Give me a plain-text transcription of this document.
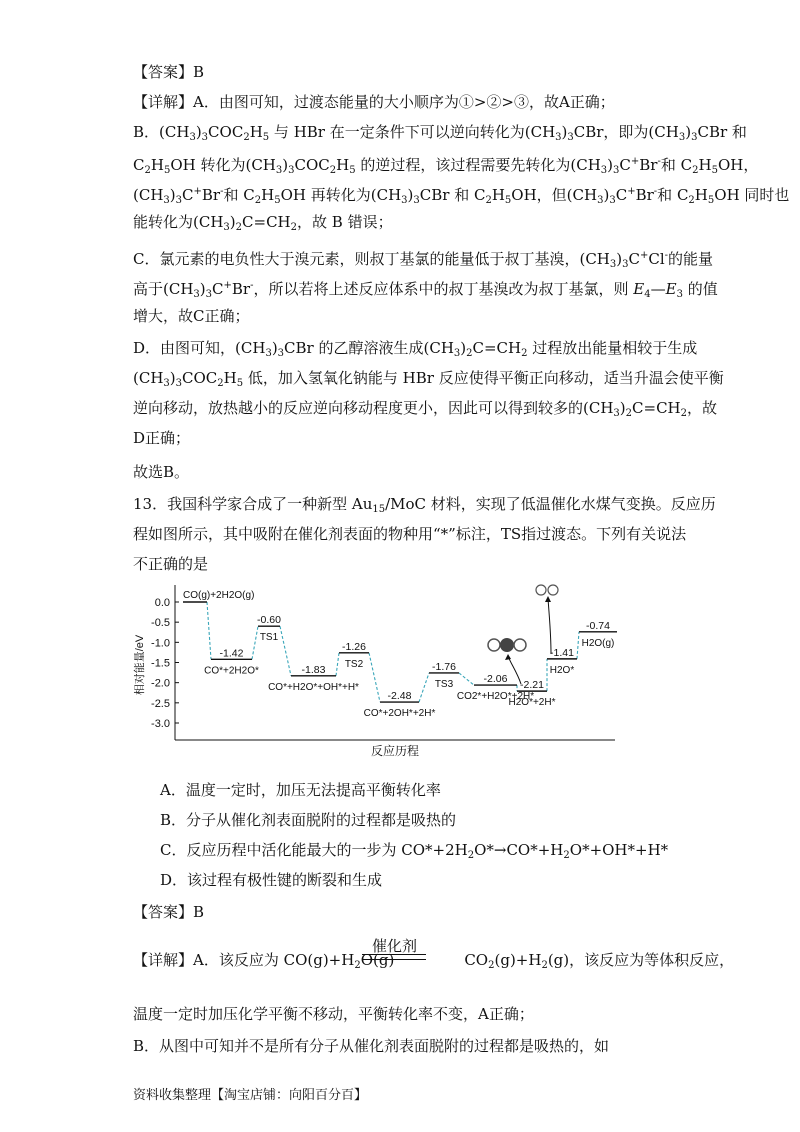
【答案】B
【详解】A．由图可知，过渡态能量的大小顺序为①>②>③，故A正确；
B．$(CH_3)_3COC_2H_5$ 与 HBr 在一定条件下可以逆向转化为$(CH_3)_3CBr$，即为$(CH_3)_3CBr$ 和
$C_2H_5OH$ 转化为$(CH_3)_3COC_2H_5$ 的逆过程，该过程需要先转化为$(CH_3)_3C^+Br^-$和 $C_2H_5OH$，
$(CH_3)_3C^+Br^-$和 $C_2H_5OH$ 再转化为$(CH_3)_3CBr$ 和 $C_2H_5OH$，但$(CH_3)_3C^+Br^-$和 $C_2H_5OH$ 同时也
能转化为$(CH_3)_2C=CH_2$，故 B 错误；
C．氯元素的电负性大于溴元素，则叔丁基氯的能量低于叔丁基溴，$(CH_3)_3C^+Cl^-$的能量
高于$(CH_3)_3C^+Br^-$，所以若将上述反应体系中的叔丁基溴改为叔丁基氯，则 $E_4—E_3$ 的值
增大，故C正确；
D．由图可知，$(CH_3)_3CBr$ 的乙醇溶液生成$(CH_3)_2C=CH_2$ 过程放出能量相较于生成
$(CH_3)_3COC_2H_5$ 低，加入氢氧化钠能与 HBr 反应使得平衡正向移动，适当升温会使平衡
逆向移动，放热越小的反应逆向移动程度更小，因此可以得到较多的$(CH_3)_2C=CH_2$，故
D正确；
故选B。
13．我国科学家合成了一种新型 $Au_{15}$/MoC 材料，实现了低温催化水煤气变换。反应历
程如图所示，其中吸附在催化剂表面的物种用“*”标注，TS指过渡态。下列有关说法
不正确的是
0.0
-0.5
-1.0
-1.5
-2.0
-2.5
-3.0
相对能量/eV
反应历程
CO(g)+2H2O(g)
-1.42
CO*+2H2O*
-0.60
TS1
-1.83
CO*+H2O*+OH*+H*
-1.26
TS2
-2.48
CO*+2OH*+2H*
-1.76
TS3	-2.06
CO2*+H2O*+2H*
-2.21
H2O*+2H*
-1.41
H2O*
-0.74
H2O(g)
A．温度一定时，加压无法提高平衡转化率
B．分子从催化剂表面脱附的过程都是吸热的
C．反应历程中活化能最大的一步为 $CO*+2H_2O*\to CO*+H_2O*+OH*+H*$
D．该过程有极性键的断裂和生成
【答案】B
催化剂
【详解】A．该反应为 $CO(g)+H_2O(g)$	$CO_2(g)+H_2(g)$，该反应为等体积反应，
温度一定时加压化学平衡不移动，平衡转化率不变，A正确；
B．从图中可知并不是所有分子从催化剂表面脱附的过程都是吸热的，如
资料收集整理【淘宝店铺：向阳百分百】
